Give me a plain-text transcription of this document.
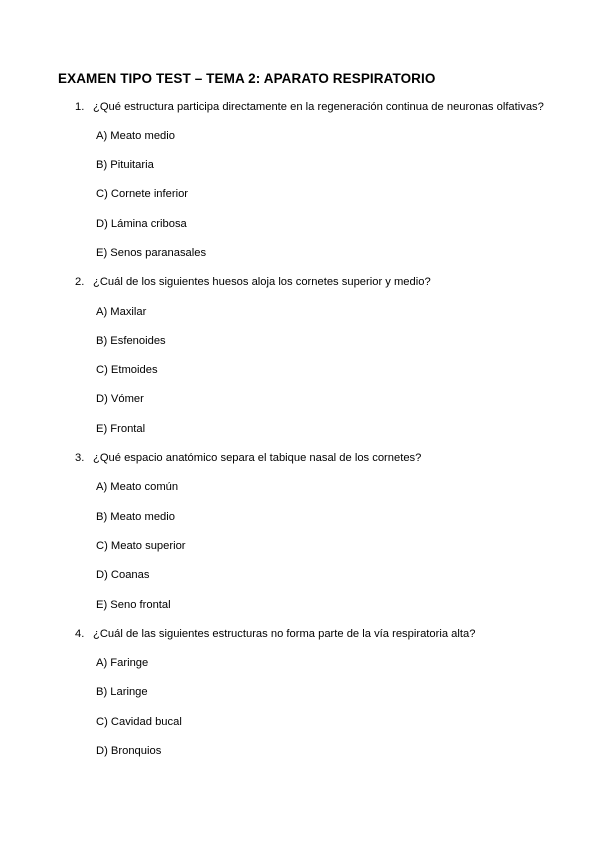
EXAMEN TIPO TEST – TEMA 2: APARATO RESPIRATORIO
1. ¿Qué estructura participa directamente en la regeneración continua de neuronas olfativas?
A) Meato medio
B) Pituitaria
C) Cornete inferior
D) Lámina cribosa
E) Senos paranasales
2. ¿Cuál de los siguientes huesos aloja los cornetes superior y medio?
A) Maxilar
B) Esfenoides
C) Etmoides
D) Vómer
E) Frontal
3. ¿Qué espacio anatómico separa el tabique nasal de los cornetes?
A) Meato común
B) Meato medio
C) Meato superior
D) Coanas
E) Seno frontal
4. ¿Cuál de las siguientes estructuras no forma parte de la vía respiratoria alta?
A) Faringe
B) Laringe
C) Cavidad bucal
D) Bronquios
